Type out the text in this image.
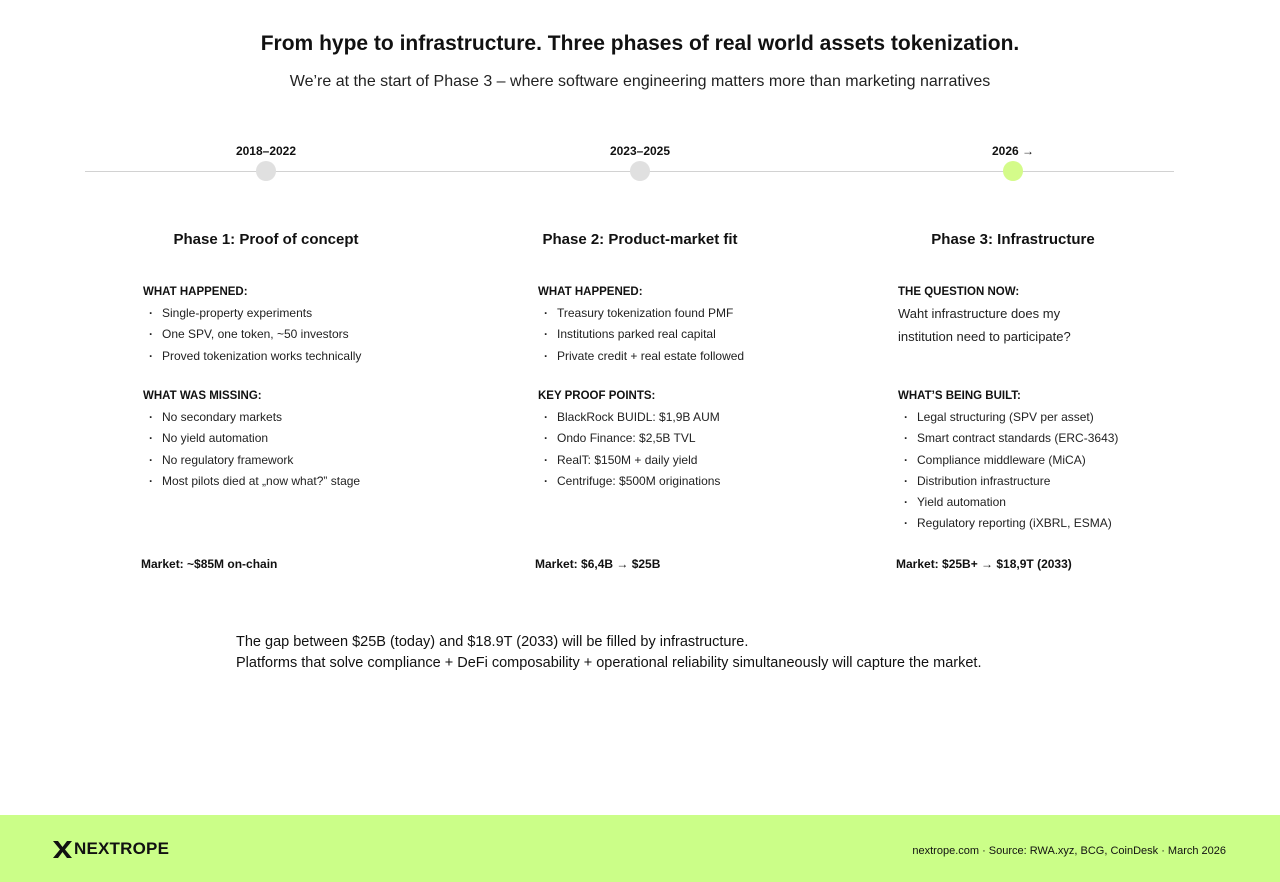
From hype to infrastructure. Three phases of real world assets tokenization.
We’re at the start of Phase 3 – where software engineering matters more than marketing narratives
2018–2022	2023–2025	2026 →
Phase 1: Proof of concept	Phase 2: Product-market fit	Phase 3: Infrastructure
WHAT HAPPENED:
· Single-property experiments
· One SPV, one token, ~50 investors
· Proved tokenization works technically
WHAT WAS MISSING:
· No secondary markets
· No yield automation
· No regulatory framework
· Most pilots died at „now what?” stage
Market: ~$85M on-chain
WHAT HAPPENED:
· Treasury tokenization found PMF
· Institutions parked real capital
· Private credit + real estate followed
KEY PROOF POINTS:
· BlackRock BUIDL: $1,9B AUM
· Ondo Finance: $2,5B TVL
· RealT: $150M + daily yield
· Centrifuge: $500M originations
Market: $6,4B → $25B
THE QUESTION NOW:
Waht infrastructure does my institution need to participate?
WHAT’S BEING BUILT:
· Legal structuring (SPV per asset)
· Smart contract standards (ERC-3643)
· Compliance middleware (MiCA)
· Distribution infrastructure
· Yield automation
· Regulatory reporting (iXBRL, ESMA)
Market: $25B+ → $18,9T (2033)
The gap between $25B (today) and $18.9T (2033) will be filled by infrastructure.
Platforms that solve compliance + DeFi composability + operational reliability simultaneously will capture the market.
NEXTROPE	nextrope.com · Source: RWA.xyz, BCG, CoinDesk · March 2026
